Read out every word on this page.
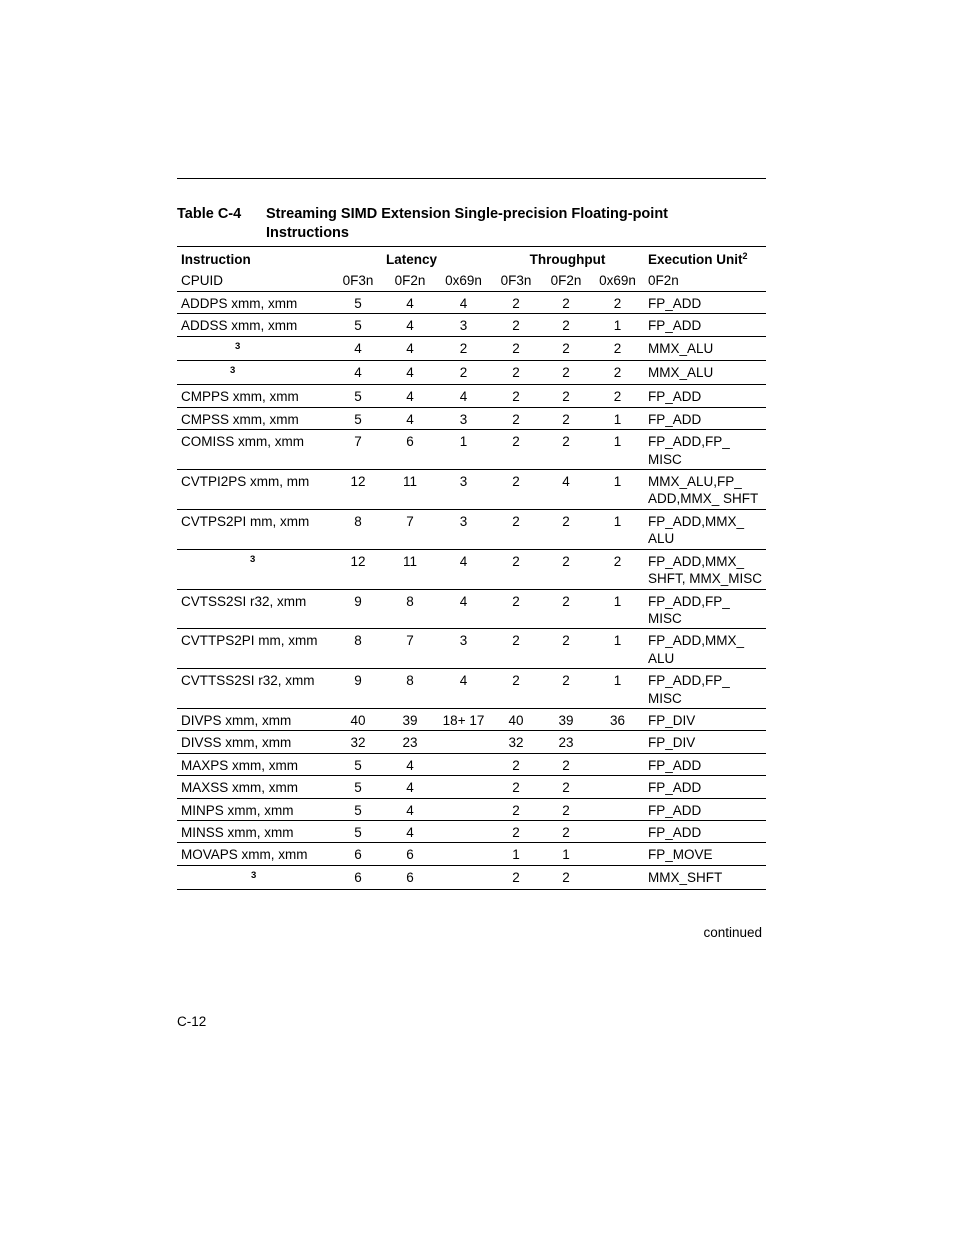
Table C-4 Streaming SIMD Extension Single-precision Floating-point Instructions
Instruction	Latency			Throughput			Execution Unit$^2$
CPUID	0F3n	0F2n	0x69n	0F3n	0F2n	0x69n	0F2n
ADDPS xmm, xmm	5	4	4	2	2	2	FP_ADD
ADDSS xmm, xmm	5	4	3	2	2	1	FP_ADD
$^3$	4	4	2	2	2	2	MMX_ALU
$^3$	4	4	2	2	2	2	MMX_ALU
CMPPS xmm, xmm	5	4	4	2	2	2	FP_ADD
CMPSS xmm, xmm	5	4	3	2	2	1	FP_ADD
COMISS xmm, xmm	7	6	1	2	2	1	FP_ADD,FP_ MISC
CVTPI2PS xmm, mm	12	11	3	2	4	1	MMX_ALU,FP_ ADD,MMX_ SHFT
CVTPS2PI mm, xmm	8	7	3	2	2	1	FP_ADD,MMX_ ALU
$^3$	12	11	4	2	2	2	FP_ADD,MMX_ SHFT, MMX_MISC
CVTSS2SI r32, xmm	9	8	4	2	2	1	FP_ADD,FP_ MISC
CVTTPS2PI mm, xmm	8	7	3	2	2	1	FP_ADD,MMX_ ALU
CVTTSS2SI r32, xmm	9	8	4	2	2	1	FP_ADD,FP_ MISC
DIVPS xmm, xmm	40	39	18+ 17	40	39	36	FP_DIV
DIVSS xmm, xmm	32	23		32	23		FP_DIV
MAXPS xmm, xmm	5	4		2	2		FP_ADD
MAXSS xmm, xmm	5	4		2	2		FP_ADD
MINPS xmm, xmm	5	4		2	2		FP_ADD
MINSS xmm, xmm	5	4		2	2		FP_ADD
MOVAPS xmm, xmm	6	6		1	1		FP_MOVE
$^3$	6	6		2	2		MMX_SHFT
continued
C-12
